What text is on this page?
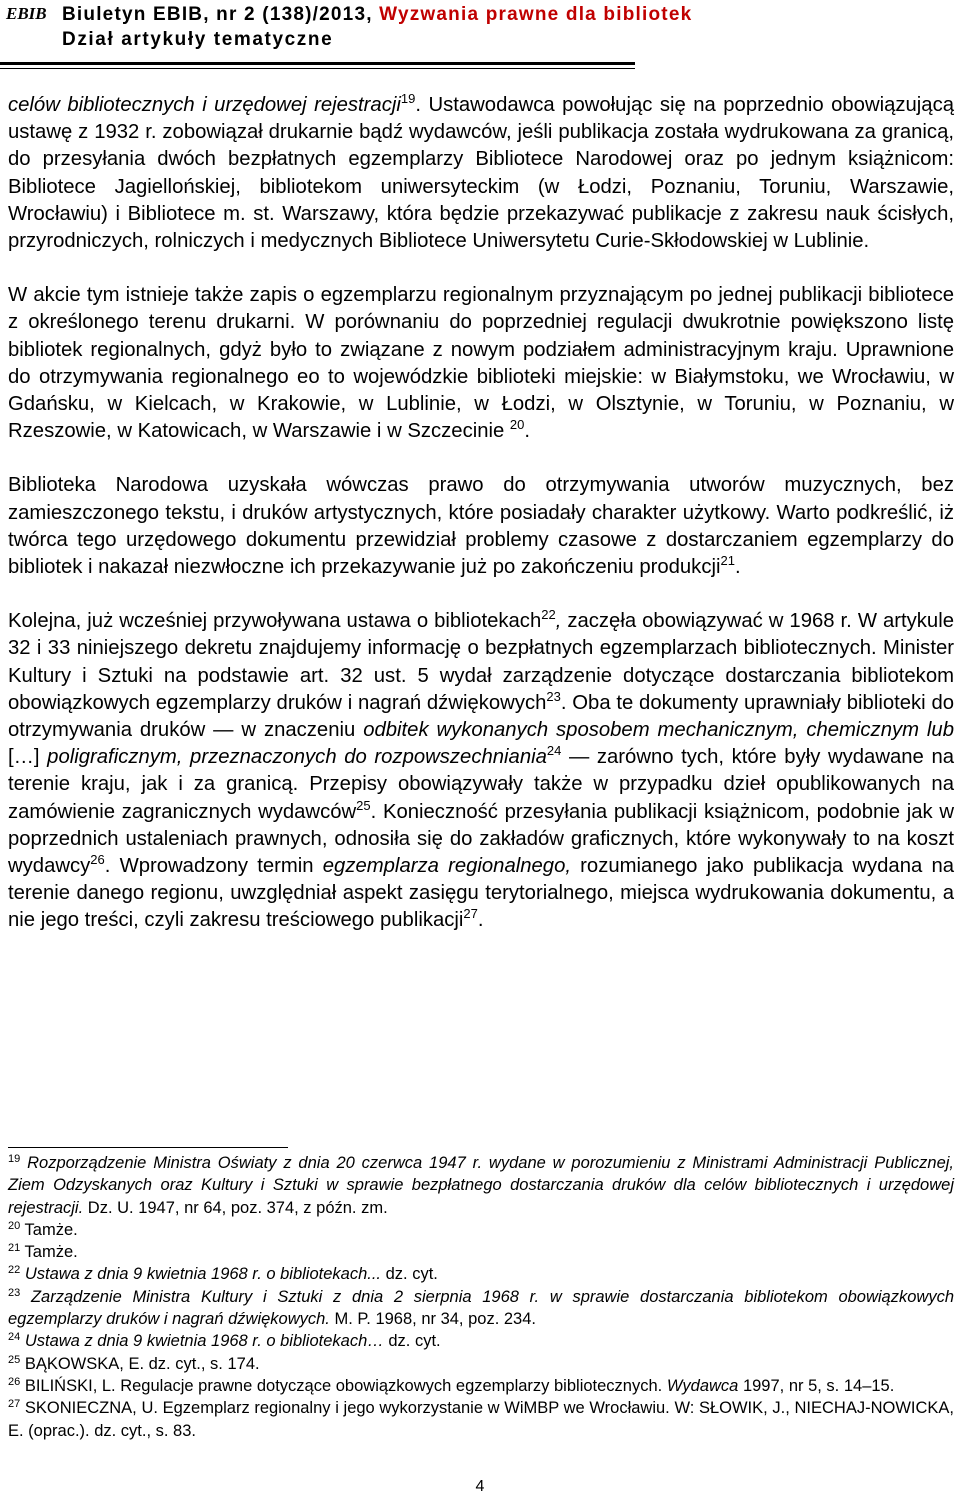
EBIB Biuletyn EBIB, nr 2 (138)/2013, Wyzwania prawne dla bibliotek
Dział artykuły tematyczne

celów bibliotecznych i urzędowej rejestracji$^{19}$. Ustawodawca powołując się na poprzednio obowiązującą ustawę z 1932 r. zobowiązał drukarnie bądź wydawców, jeśli publikacja została wydrukowana za granicą, do przesyłania dwóch bezpłatnych egzemplarzy Bibliotece Narodowej oraz po jednym książnicom: Bibliotece Jagiellońskiej, bibliotekom uniwersyteckim (w Łodzi, Poznaniu, Toruniu, Warszawie, Wrocławiu) i Bibliotece m. st. Warszawy, która będzie przekazywać publikacje z zakresu nauk ścisłych, przyrodniczych, rolniczych i medycznych Bibliotece Uniwersytetu Curie-Skłodowskiej w Lublinie.

W akcie tym istnieje także zapis o egzemplarzu regionalnym przyznającym po jednej publikacji bibliotece z określonego terenu drukarni. W porównaniu do poprzedniej regulacji dwukrotnie powiększono listę bibliotek regionalnych, gdyż było to związane z nowym podziałem administracyjnym kraju. Uprawnione do otrzymywania regionalnego eo to wojewódzkie biblioteki miejskie: w Białymstoku, we Wrocławiu, w Gdańsku, w Kielcach, w Krakowie, w Lublinie, w Łodzi, w Olsztynie, w Toruniu, w Poznaniu, w Rzeszowie, w Katowicach, w Warszawie i w Szczecinie $^{20}$.

Biblioteka Narodowa uzyskała wówczas prawo do otrzymywania utworów muzycznych, bez zamieszczonego tekstu, i druków artystycznych, które posiadały charakter użytkowy. Warto podkreślić, iż twórca tego urzędowego dokumentu przewidział problemy czasowe z dostarczaniem egzemplarzy do bibliotek i nakazał niezwłoczne ich przekazywanie już po zakończeniu produkcji$^{21}$.

Kolejna, już wcześniej przywoływana ustawa o bibliotekach$^{22}$, zaczęła obowiązywać w 1968 r. W artykule 32 i 33 niniejszego dekretu znajdujemy informację o bezpłatnych egzemplarzach bibliotecznych. Minister Kultury i Sztuki na podstawie art. 32 ust. 5 wydał zarządzenie dotyczące dostarczania bibliotekom obowiązkowych egzemplarzy druków i nagrań dźwiękowych$^{23}$. Oba te dokumenty uprawniały biblioteki do otrzymywania druków — w znaczeniu odbitek wykonanych sposobem mechanicznym, chemicznym lub […] poligraficznym, przeznaczonych do rozpowszechniania$^{24}$ — zarówno tych, które były wydawane na terenie kraju, jak i za granicą. Przepisy obowiązywały także w przypadku dzieł opublikowanych na zamówienie zagranicznych wydawców$^{25}$. Konieczność przesyłania publikacji książnicom, podobnie jak w poprzednich ustaleniach prawnych, odnosiła się do zakładów graficznych, które wykonywały to na koszt wydawcy$^{26}$. Wprowadzony termin egzemplarza regionalnego, rozumianego jako publikacja wydana na terenie danego regionu, uwzględniał aspekt zasięgu terytorialnego, miejsca wydrukowania dokumentu, a nie jego treści, czyli zakresu treściowego publikacji$^{27}$.

$^{19}$ Rozporządzenie Ministra Oświaty z dnia 20 czerwca 1947 r. wydane w porozumieniu z Ministrami Administracji Publicznej, Ziem Odzyskanych oraz Kultury i Sztuki w sprawie bezpłatnego dostarczania druków dla celów bibliotecznych i urzędowej rejestracji. Dz. U. 1947, nr 64, poz. 374, z późn. zm.

$^{20}$ Tamże.

$^{21}$ Tamże.

$^{22}$ Ustawa z dnia 9 kwietnia 1968 r. o bibliotekach... dz. cyt.

$^{23}$ Zarządzenie Ministra Kultury i Sztuki z dnia 2 sierpnia 1968 r. w sprawie dostarczania bibliotekom obowiązkowych egzemplarzy druków i nagrań dźwiękowych. M. P. 1968, nr 34, poz. 234.

$^{24}$ Ustawa z dnia 9 kwietnia 1968 r. o bibliotekach… dz. cyt.

$^{25}$ BĄKOWSKA, E. dz. cyt., s. 174.

$^{26}$ BILIŃSKI, L. Regulacje prawne dotyczące obowiązkowych egzemplarzy bibliotecznych. Wydawca 1997, nr 5, s. 14–15.

$^{27}$ SKONIECZNA, U. Egzemplarz regionalny i jego wykorzystanie w WiMBP we Wrocławiu. W: SŁOWIK, J., NIECHAJ-NOWICKA, E. (oprac.). dz. cyt., s. 83.

4
